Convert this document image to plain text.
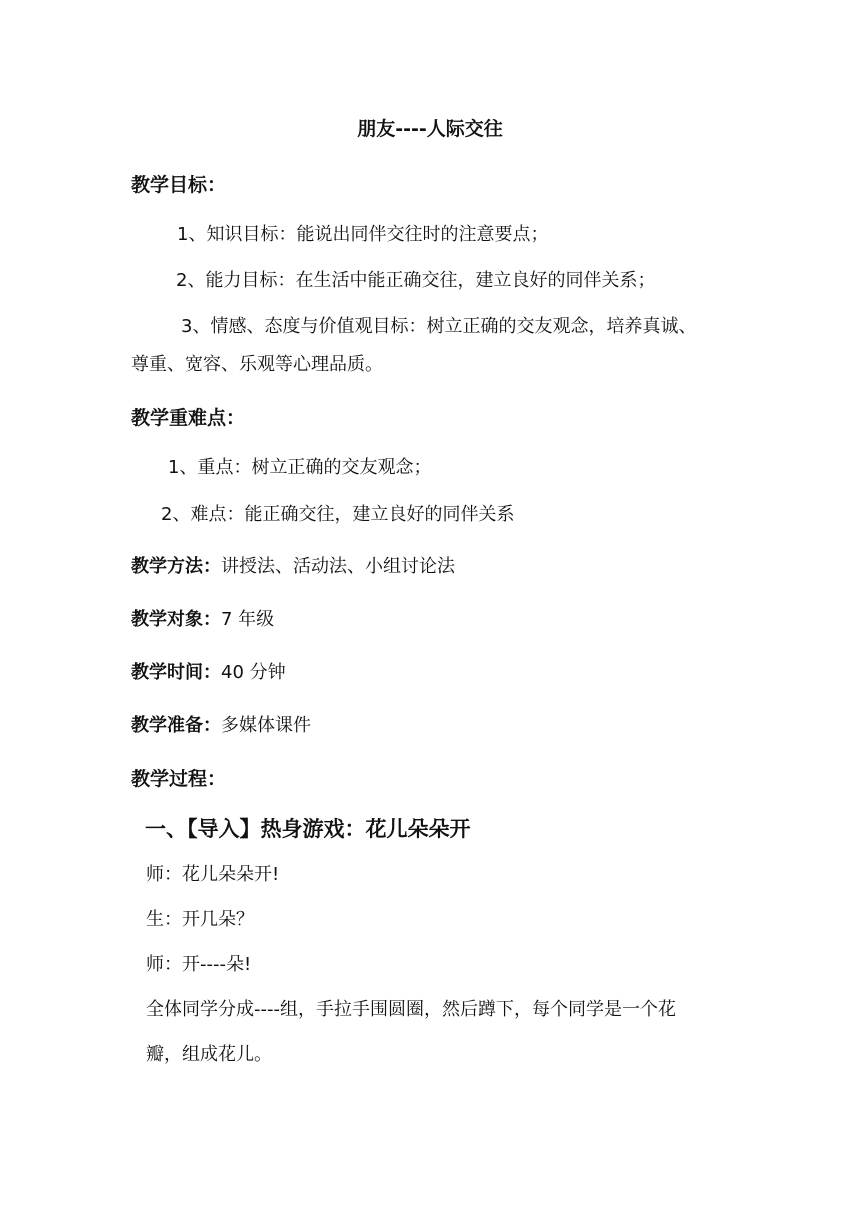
朋友----人际交往
教学目标：
1、知识目标：能说出同伴交往时的注意要点；
2、能力目标：在生活中能正确交往，建立良好的同伴关系；
3、情感、态度与价值观目标：树立正确的交友观念，培养真诚、
尊重、宽容、乐观等心理品质。
教学重难点：
1、重点：树立正确的交友观念；
2、难点：能正确交往，建立良好的同伴关系
教学方法：讲授法、活动法、小组讨论法
教学对象：7 年级
教学时间：40 分钟
教学准备：多媒体课件
教学过程：
一、【导入】热身游戏：花儿朵朵开
师：花儿朵朵开!
生：开几朵？
师：开----朵!
全体同学分成----组，手拉手围圆圈，然后蹲下，每个同学是一个花
瓣，组成花儿。
